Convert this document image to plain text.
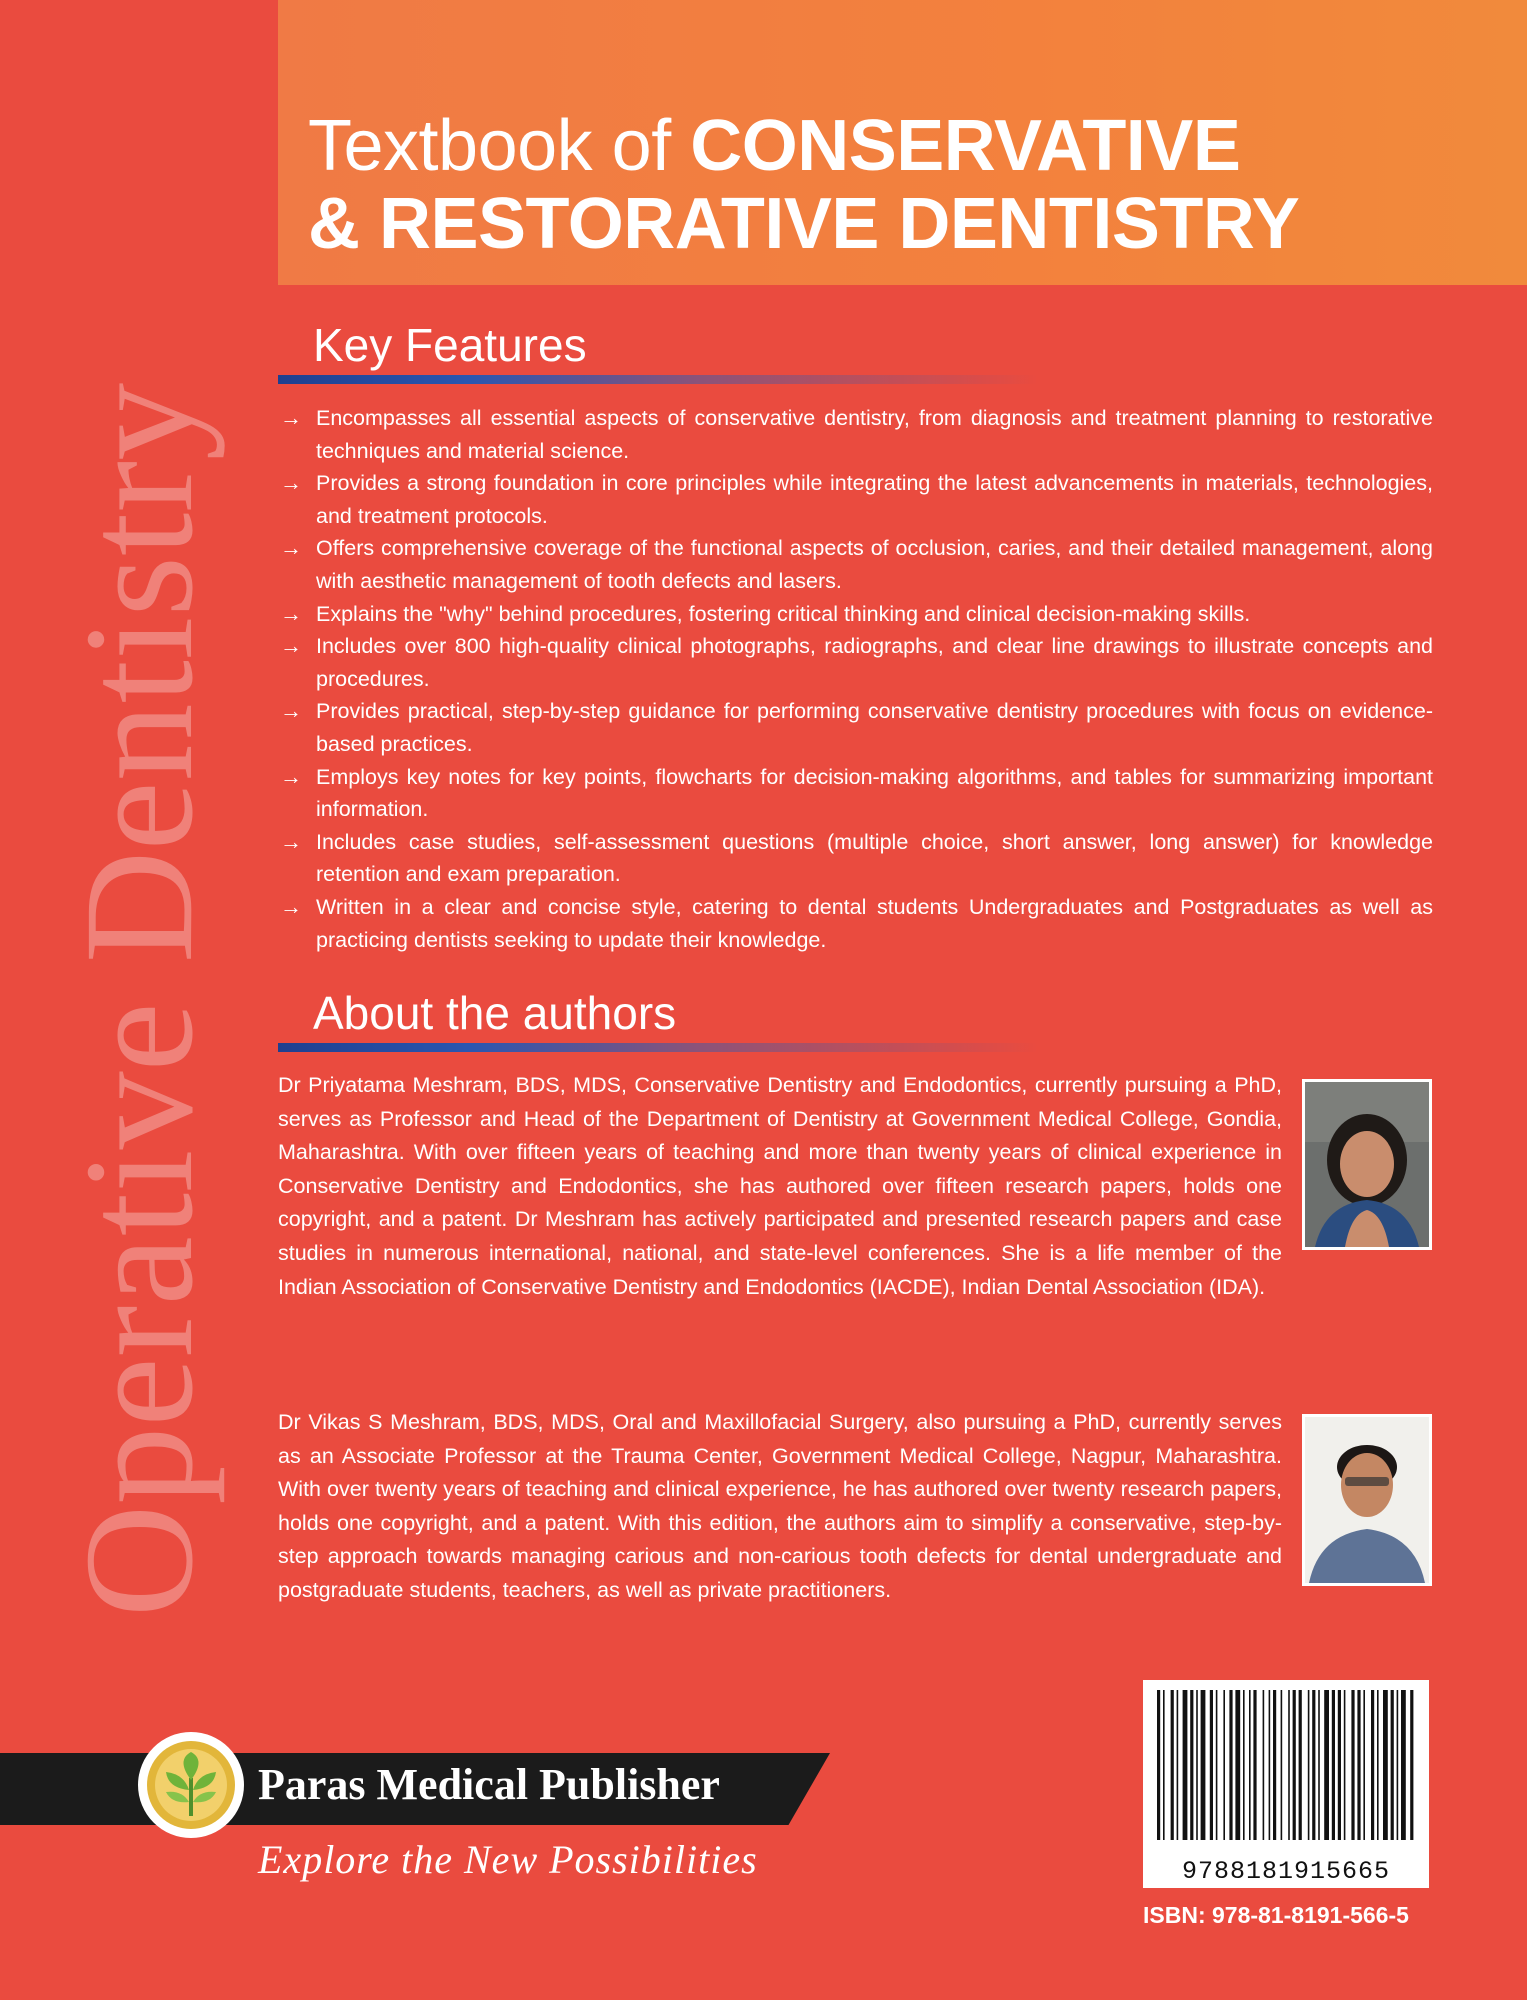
Operative Dentistry
Textbook of CONSERVATIVE
& RESTORATIVE DENTISTRY
Key Features
→ Encompasses all essential aspects of conservative dentistry, from diagnosis and treatment planning to restorative techniques and material science.
→ Provides a strong foundation in core principles while integrating the latest advancements in materials, technologies, and treatment protocols.
→ Offers comprehensive coverage of the functional aspects of occlusion, caries, and their detailed management, along with aesthetic management of tooth defects and lasers.
→ Explains the "why" behind procedures, fostering critical thinking and clinical decision-making skills.
→ Includes over 800 high-quality clinical photographs, radiographs, and clear line drawings to illustrate concepts and procedures.
→ Provides practical, step-by-step guidance for performing conservative dentistry procedures with focus on evidence-based practices.
→ Employs key notes for key points, flowcharts for decision-making algorithms, and tables for summarizing important information.
→ Includes case studies, self-assessment questions (multiple choice, short answer, long answer) for knowledge retention and exam preparation.
→ Written in a clear and concise style, catering to dental students Undergraduates and Postgraduates as well as practicing dentists seeking to update their knowledge.
About the authors
Dr Priyatama Meshram, BDS, MDS, Conservative Dentistry and Endodontics, currently pursuing a PhD, serves as Professor and Head of the Department of Dentistry at Government Medical College, Gondia, Maharashtra. With over fifteen years of teaching and more than twenty years of clinical experience in Conservative Dentistry and Endodontics, she has authored over fifteen research papers, holds one copyright, and a patent. Dr Meshram has actively participated and presented research papers and case studies in numerous international, national, and state-level conferences. She is a life member of the Indian Association of Conservative Dentistry and Endodontics (IACDE), Indian Dental Association (IDA).
Dr Vikas S Meshram, BDS, MDS, Oral and Maxillofacial Surgery, also pursuing a PhD, currently serves as an Associate Professor at the Trauma Center, Government Medical College, Nagpur, Maharashtra. With over twenty years of teaching and clinical experience, he has authored over twenty research papers, holds one copyright, and a patent. With this edition, the authors aim to simplify a conservative, step-by-step approach towards managing carious and non-carious tooth defects for dental undergraduate and postgraduate students, teachers, as well as private practitioners.
Paras Medical Publisher
Explore the New Possibilities	9788181915665
ISBN: 978-81-8191-566-5
